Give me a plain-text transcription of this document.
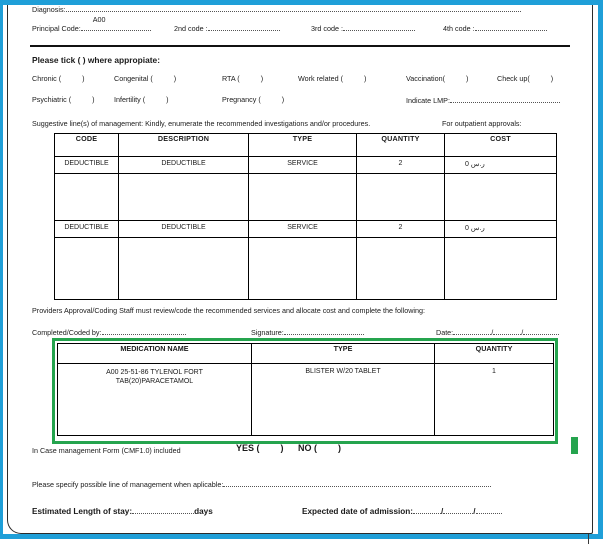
Diagnosis:
Principal Code:
A00
2nd code :	3rd code :	4th code :
Please tick ( ) where appropiate:
Chronic (	)	Congenital (	)	RTA (	)	Work related (	)	Vaccination(	)	Check up(	)
Psychiatric (	)	Infertility (	)	Pregnancy (	)	Indicate LMP:
Suggestive line(s) of management: Kindly, enumerate the recommended investigations and/or procedures.	For outpatient approvals:
CODE	DESCRIPTION	TYPE	QUANTITY	COST

DEDUCTIBLE	DEDUCTIBLE	SERVICE	2	0 ر.س

DEDUCTIBLE	DEDUCTIBLE	SERVICE	2	0 ر.س

Providers Approval/Coding Staff must review/code the recommended services and allocate cost and complete the following:
Completed/Coded by:	Signature:	Date:	/	/
MEDICATION NAME	TYPE	QUANTITY

A00 25-51-86 TYLENOL FORT
TAB(20)PARACETAMOL	BLISTER W/20 TABLET	1
In Case management Form (CMF1.0) included	YES ( ) NO ( )
Please specify possible line of management when aplicable:
Estimated Length of stay:	days	Expected date of admission:	/	/
